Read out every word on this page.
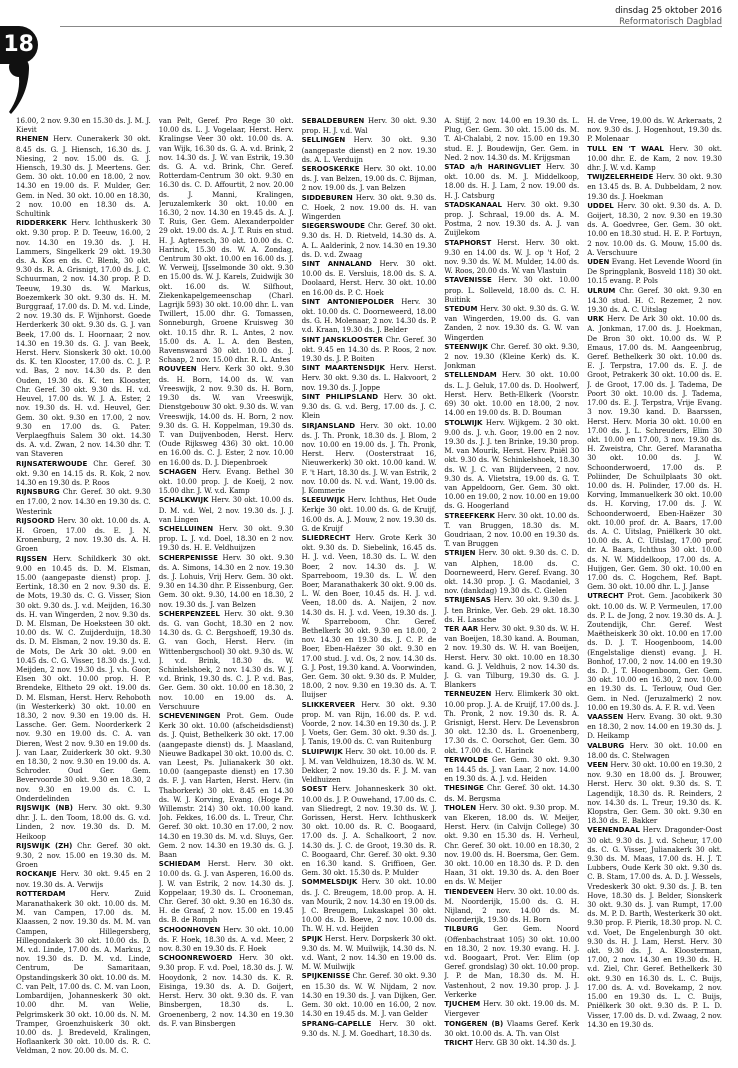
18
dinsdag 25 oktober 2016
Reformatorisch Dagblad

16.00, 2 nov. 9.30 en 15.30 ds. J. M. J. Kievit

RHENEN Herv. Cunerakerk 30 okt. 8.45 ds. G. J. Hiensch, 16.30 ds. J. Niesing, 2 nov. 15.00 ds. G. J. Hiensch, 19.30 ds. J. Meertens. Ger. Gem. 30 okt. 10.00 en 18.00, 2 nov. 14.30 en 19.00 ds. F. Mulder, Ger. Gem. in Ned. 30 okt. 10.00 en 18.30, 2 nov. 10.00 en 18.30 ds. A. Schultink

RIDDERKERK Herv. Ichthuskerk 30 okt. 9.30 prop. P. D. Teeuw, 16.00, 2 nov. 14.30 en 19.30 ds. J. H. Lammers, Singelkerk 29 okt. 19.30 ds. A. Kos en ds. C. Blenk, 30 okt. 9.30 ds. R. A. Grisnigt, 17.00 ds. J. C. Schuurman, 2 nov. 14.30 prop. P. D. Teeuw, 19.30 ds. W. Markus, Boezemkerk 30 okt. 9.30 ds. H. M. Burggraaf, 17.00 ds. D. M. v.d. Linde, 2 nov. 19.30 ds. F. Wijnhorst. Goede Herderkerk 30 okt. 9.30 ds. G. J. van Beek, 17.00 ds. I. Hoornaar, 2 nov. 14.30 en 19.30 ds. G. J. van Beek, Herst. Herv. Sionskerk 30 okt. 10.00 ds. K. ten Klooster, 17.00 ds. C. J. P. v.d. Bas, 2 nov. 14.30 ds. P. den Ouden, 19.30 ds. K. ten Klooster, Chr. Geref. 30 okt. 9.30 ds. H. v.d. Heuvel, 17.00 ds. W. J. A. Ester, 2 nov. 19.30 ds. H. v.d. Heuvel, Ger. Gem. 30 okt. 9.30 en 17.00, 2 nov. 9.30 en 17.00 ds. G. Pater. Verplaegfhuis Salem 30 okt. 14.30 ds. A. v.d. Zwan, 2 nov. 14.30 dhr. T. van Staveren

RIJNSATERWOUDE Chr. Geref. 30 okt. 9.30 en 14.15 ds. R. Kok, 2 nov. 14.30 en 19.30 ds. P. Roos

RIJNSBURG Chr. Geref. 30 okt. 9.30 en 17.00, 2 nov. 14.30 en 19.30 ds. C. Westerink

RIJSOORD Herv. 30 okt. 10.00 ds. A. H. Groen, 17.00 ds. E. J. N. Kronenburg, 2 nov. 19.30 ds. A. H. Groen

RIJSSEN Herv. Schildkerk 30 okt. 9.00 en 10.45 ds. D. M. Elsman, 15.00 (aangepaste dienst) prop. J. Eertink, 18.30 en 2 nov. 9.30 ds. E. de Mots, 19.30 ds. C. G. Visser, Sion 30 okt. 9.30 ds. J. v.d. Meijden, 16.30 ds. H. van Wingerden, 2 nov. 9.30 ds. D. M. Elsman, De Hoeksteen 30 okt. 10.00 ds. W. C. Zuijderduijn, 18.30 ds. D. M. Elsman, 2 nov. 19.30 ds. E. de Mots, De Ark 30 okt. 9.00 en 10.45 ds. C. G. Visser, 18.30 ds. J. v.d. Meijden, 2 nov. 19.30 ds. J. v.h. Goor, Elsen 30 okt. 10.00 prop. H. P. Brendeke, Elthetо 29 okt. 19.00 ds. D. M. Elsman, Herst. Herv. Rehoboth (in Westerkerk) 30 okt. 10.00 en 18.30, 2 nov. 9.30 en 19.00 ds. H. Lassche. Ger. Gem. Noorderkerk 2 nov. 9.30 en 19.00 ds. C. A. van Dieren, West 2 nov. 9.30 en 19.00 ds. J. van Laar, Zuiderkerk 30 okt. 9.30 en 18.30, 2 nov. 9.30 en 19.00 ds. A. Schroder. Oud Ger. Gem. Bevervoorde 30 okt. 9.30 en 18.30, 2 nov. 9.30 en 19.00 ds. C. L. Onderdelinden

RIJSWIJK (NB) Herv. 30 okt. 9.30 dhr. J. L. den Toom, 18.00 ds. G. v.d. Linden, 2 nov. 19.30 ds. D. M. Heikoop

RIJSWIJK (ZH) Chr. Geref. 30 okt. 9.30, 2 nov. 15.00 en 19.30 ds. M. Groen

ROCKANJE Herv. 30 okt. 9.45 en 2 nov. 19.30 ds. A. Verwijs

ROTTERDAM	Herv. Zuid Maranathakerk 30 okt. 10.00 ds. M. M. van Campen, 17.00 ds. M. Klaassen, 2 nov. 19.30 ds. M. M. van Campen, Hillegersberg, Hillegondakerk 30 okt. 10.00 ds. D. M. v.d. Linde, 17.00 ds. A. Markus, 2 nov. 19.30 ds. D. M. v.d. Linde, Centrum, De Samaritaan, Opstandingskerk 30 okt. 10.00 ds. M. C. van Pelt, 17.00 ds. C. M. van Loon, Lombardijen, Johanneskerk 30 okt. 10.00 dhr. M. van Welie, Pelgrimskerk 30 okt. 10.00 ds. N. M. Tramper, Groenzhuiskerk 30 okt. 10.00 ds. J. Bredeveld, Kralingen, Hoflaankerk 30 okt. 10.00 ds. R. C. Veldman, 2 nov. 20.00 ds. M. C.

van Pelt, Geref. Pro Rege 30 okt. 10.00 ds. L. J. Vogelaar, Herst. Herv. Kralingse Veer 30 okt. 10.00 ds. A. van Wijk, 16.30 ds. G. A. v.d. Brink, 2 nov. 14.30 ds. J. W. van Estrik, 19.30 ds. G. A. v.d. Brink, Chr. Geref. Rotterdam-Centrum 30 okt. 9.30 en 16.30 ds. C. D. Affourtit, 2 nov. 20.00 ds. J. Manni, Kralingen, Jeruzalemkerk 30 okt. 10.00 en 16.30, 2 nov. 14.30 en 19.45 ds. A. J. T. Ruis, Ger. Gem. Alexanderpolder 29 okt. 19.00 ds. A. J. T. Ruis en stud. H. J. Agteresch, 30 okt. 10.00 ds. C. Harinck, 15.30 ds. W. A. Zondag, Centrum 30 okt. 10.00 en 16.00 ds. J. W. Verweij, IJsselmonde 30 okt. 9.30 en 15.00 ds. W. J. Karels, Zuidwijk 30 okt. 16.00 ds. W. Silfhout, Ziekenkapelgemeenschap (Charl. Lagrijk 593) 30 okt. 10.00 dhr. L. van Twillert, 15.00 dhr. G. Tomassen, Sonneburgh, Groene Kruisweg 30 okt. 10.15 dhr. R. L. Antes, 2 nov. 15.00 ds. A. L. A. den Besten, Ravenswaard 30 okt. 10.00 ds. J. Schaap, 2 nov. 15.00 dhr. R. L. Antes

ROUVEEN Herv. Kerk 30 okt. 9.30 ds. H. Born, 14.00 ds. W. van Vreeswijk, 2 nov. 9.30 ds. H. Born, 19.30 ds. W. van Vreeswijk, Dienstgebouw 30 okt. 9.30 ds. W. van Vreeswijk, 14.00 ds. H. Born, 2 nov. 9.30 ds. G. H. Koppelman, 19.30 ds. T. van Duijvenboden, Herst. Herv. (Oude Rijksweg 436) 30 okt. 10.00 en 16.00 ds. C. J. Ester, 2 nov. 10.00 en 16.00 ds. D. J. Diepenbroek

SCHAGEN Herv. Evang. Bethel 30 okt. 10.00 prop. J. de Koeij, 2 nov. 15.00 dhr. J. W. v.d. Kamp

SCHALKWIJK Herv. 30 okt. 10.00 ds. D. M. v.d. Wel, 2 nov. 19.30 ds. J. J. van Lingen

SCHELLUINEN Herv. 30 okt. 9.30 prop. L. J. v.d. Doel, 18.30 en 2 nov. 19.30 ds. H. E. Veldhuijzen

SCHERPENISSE Herv. 30 okt. 9.30 ds. A. Simons, 14.30 en 2 nov. 19.30 ds. J. Lohuis, Vrij Herv. Gem. 30 okt. 9.30 en 14.30 dhr. P. Eissenburg, Ger. Gem. 30 okt. 9.30, 14.00 en 18.30, 2 nov. 19.30 ds. J. van Belzen

SCHERPENZEEL Herv. 30 okt. 9.30 ds. G. van Gocht, 18.30 en 2 nov. 14.30 ds. G. C. Bergshoeff, 19.30 ds. G. van Goch, Herst. Herv. (in Wittenbergschool) 30 okt. 9.30 ds. W. J. v.d. Brink, 18.30 ds. W. Schinkelshoek, 2 nov. 14.30 ds. W. J. v.d. Brink, 19.30 ds. C. J. P. v.d. Bas, Ger. Gem. 30 okt. 10.00 en 18.30, 2 nov. 10.00 en 19.00 ds. A. Verschuure

SCHEVENINGEN Prot. Gem. Oude Kerk 30 okt. 10.00 (afscheidsdienst) ds. J. Quist, Bethelkerk 30 okt. 17.00 (aangepaste dienst) ds. J. Maasland, Nieuwe Badkapel 30 okt. 10.00 ds. C. van Leest, Ps. Julianakerk 30 okt. 10.00 (aangepaste dienst) en 17.30 ds. F. J. van Harten, Herst. Herv. (in Thaborkerk) 30 okt. 8.45 en 14.30 ds. W. J. Korving, Evang. (Hoge Pr. Willemstr. 214) 30 okt. 10.00 kand. Joh. Fekkes, 16.00 ds. L. Treur, Chr. Geref. 30 okt. 10.30 en 17.00, 2 nov. 14.30 en 19.30 ds. M. v.d. Sluys, Ger. Gem. 2 nov. 14.30 en 19.30 ds. G. J. Baan

SCHIEDAM Herst. Herv. 30 okt. 10.00 ds. G. J. van Asperen, 16.00 ds. J. W. van Estrik, 2 nov. 14.30 ds. J. Koppelaar, 19.30 ds. L. Crooneman, Chr. Geref. 30 okt. 9.30 en 16.30 ds. H. de Graaf, 2 nov. 15.00 en 19.45 ds. B. de Romph

SCHOONHOVEN Herv. 30 okt. 10.00 ds. F. Hoek, 18.30 ds. A. v.d. Meer, 2 nov. 8.30 en 19.30 ds. F. Hoek

SCHOONREWOERD Herv. 30 okt. 9.30 prop. F. v.d. Poel, 18.30 ds. J. W. Hooydonk, 2 nov. 14.30 ds. K. R. Eisinga, 19.30 ds. A. D. Goijert, Herst. Herv. 30 okt. 9.30 ds. F. van Binsbergen, 18.30 ds. L. Groenenberg, 2 nov. 14.30 en 19.30 ds. F. van Binsbergen

SEBALDEBUREN Herv. 30 okt. 9.30 prop. H. J. v.d. Wal

SELLINGEN Herv. 30 okt. 9.30 (aangepaste dienst) en 2 nov. 19.30 ds. A. L. Verduijn

SEROOSKERKE Herv. 30 okt. 10.00 ds. J. van Belzen, 19.00 ds. C. Bijman, 2 nov. 19.00 ds. J. van Belzen

SIDDEBUREN Herv. 30 okt. 9.30 ds. C. Hoek, 2 nov. 19.00 ds. H. van Wingerden

SIEGERSWOUDE Chr. Geref. 30 okt. 9.30 ds. H. D. Rietveld, 14.30 ds. A. A. L. Aalderink, 2 nov. 14.30 en 19.30 ds. D. v.d. Zwaag

SINT ANNALAND Herv. 30 okt. 10.00 ds. E. Versluis, 18.00 ds. S. A. Doolaard, Herst. Herv. 30 okt. 10.00 en 16.00 ds. P. C. Hoek

SINT ANTONIEPOLDER Herv. 30 okt. 10.00 ds. C. Doorneweerd, 18.00 ds. G. H. Molenaar, 2 nov. 14.30 ds. P. v.d. Kraan, 19.30 ds. J. Belder

SINT JANSKLOOSTER Chr. Geref. 30 okt. 9.45 en 14.30 ds. P. Roos, 2 nov. 19.30 ds. J. P. Boiten

SINT MAARTENSDIJK Herv. Herst. Herv. 30 okt. 9.30 ds. L. Hakvoort, 2 nov. 19.30 ds. J. Joppe

SINT PHILIPSLAND Herv. 30 okt. 9.30 ds. G. v.d. Berg, 17.00 ds. J. C. Klein

SIRJANSLAND Herv. 30 okt. 10.00 ds. J. Th. Pronk, 18.30 ds. J. Blom, 2 nov. 10.00 en 19.00 ds. J. Th. Pronk, Herst. Herv. (Oosterstraat 16, Nieuwerkerk) 30 okt. 10.00 kand. W. F. 't Hart, 18.30 ds. J. W. van Estrik, 2 nov. 10.00 ds. N. v.d. Want, 19.00 ds. J. Kommerie

SLEEUWIJK Herv. Ichthus, Het Oude Kerkje 30 okt. 10.00 ds. G. de Kruijf, 16.00 ds. A. J. Mouw, 2 nov. 19.30 ds. G. de Kruijf

SLIEDRECHT Herv. Grote Kerk 30 okt. 9.30 ds. D. Siebelink, 16.45 ds. H. J. v.d. Veen, 18.30 ds. L. W. den Boer, 2 nov. 14.30 ds. J. W. Sparreboom, 19.30 ds. L. W. den Boer, Maranathakerk 30 okt. 9.00 ds. L. W. den Boer, 10.45 ds. H. J. v.d. Veen, 18.00 ds. A. Naijen, 2 nov. 14.30 ds. H. J. v.d. Veen, 19.30 ds. J. W. Sparreboom, Chr. Geref. Bethelkerk 30 okt. 9.30 en 18.00, 2 nov. 14.30 en 19.30 ds. J. C. P. de Boer, Eben-Haëzer 30 okt. 9.30 en 17.00 stud. J. v.d. Os, 2 nov. 14.30 ds. G. J. Post, 19.30 kand. A. Voorwinden, Ger. Gem. 30 okt. 9.30 ds. P. Mulder, 18.00, 2 nov. 9.30 en 19.30 ds. A. T. Iluijser

SLIKKERVEER Herv. 30 okt. 9.30 prop. M. van Rijn, 16.00 ds. P. v.d. Voorde, 2 nov. 14.30 en 19.30 ds. J. P. J. Voets, Ger. Gem. 30 okt. 9.30 ds. J. J. Tanis, 19.00 ds. C. van Ruitenburg

SLUIPWIJK Herv. 30 okt. 10.00 ds. F. J. M. van Veldhuizen, 18.30 ds. W. M. Dekker, 2 nov. 19.30 ds. F. J. M. van Veldhuizen

SOEST Herv. Johanneskerk 30 okt. 10.00 ds. J. P. Ouwehand, 17.00 ds. C. van Sliedregt, 2 nov. 19.30 ds. W. J. Gorissen, Herst. Herv. Ichthuskerk 30 okt. 10.00 ds. R. C. Boogaard, 17.00 ds. J. A. Schalkoort, 2 nov. 14.30 ds. J. C. de Groot, 19.30 ds. R. C. Boogaard, Chr. Geref. 30 okt. 9.30 en 16.30 kand. S. Griffioen, Ger. Gem. 30 okt. 15.30 ds. P. Mulder

SOMMELSDIJK Herv. 30 okt. 10.00 ds. J. C. Breugem, 18.00 prop. A. H. van Mourik, 2 nov. 14.30 en 19.00 ds. J. C. Breugem, Lukaskapel 30 okt. 10.00 ds. D. Boeve, 2 nov. 10.00 ds. Th. W. H. v.d. Heijden

SPIJK Herst. Herv. Dorpskerk 30 okt. 9.30 ds. M. W. Muilwijk, 14.30 ds. N. v.d. Want, 2 nov. 14.30 en 19.00 ds. M. W. Muilwijk

SPIJKENISSE Chr. Geref. 30 okt. 9.30 en 15.30 ds. W. W. Nijdam, 2 nov. 14.30 en 19.30 ds. J. van Dijken, Ger. Gem. 30 okt. 10.00 en 16.00, 2 nov. 14.30 en 19.45 ds. M. J. van Gelder

SPRANG-CAPELLE Herv. 30 okt. 9.30 ds. N. J. M. Goedhart, 18.30 ds.

A. Stijf, 2 nov. 14.00 en 19.30 ds. L. Plug, Ger. Gem. 30 okt. 15.00 ds. M. T. Al-Chalabi, 2 nov. 15.00 en 19.30 stud. E. J. Boudewijn, Ger. Gem. in Ned. 2 nov. 14.30 ds. M. Krijgsman

STAD a/h HARINGVLIET Herv. 30 okt. 10.00 ds. M. J. Middelkoop, 18.00 ds. H. J. Lam, 2 nov. 19.00 ds. H. J. Catsburg

STADSKANAAL Herv. 30 okt. 9.30 prop. J. Schraal, 19.00 ds. A. M. Postma, 2 nov. 19.30 ds. A. J. van Zuijlekom

STAPHORST Herst. Herv. 30 okt. 9.30 en 14.00 ds. W. J. op 't Hof, 2 nov. 9.30 ds. W. M. Mulder, 14.00 ds. W. Roos, 20.00 ds. W. van Vlastuin

STAVENISSE Herv. 30 okt. 10.00 prop. L. Solleveld, 18.00 ds. C. H. Buitink

STEDUM Herv. 30 okt. 9.30 ds. G. W. van Wingerden, 19.00 ds. G. van Zanden, 2 nov. 19.30 ds. G. W. van Wingerden

STEENWIJK Chr. Geref. 30 okt. 9.30, 2 nov. 19.30 (Kleine Kerk) ds. K. Jonkman

STELLENDAM Herv. 30 okt. 10.00 ds. L. J. Geluk, 17.00 ds. D. Hoolwerf, Herst. Herv. Beth-Elkerk (Voorstr. 69) 30 okt. 10.00 en 18.00, 2 nov. 14.00 en 19.00 ds. B. D. Bouman

STOLWIJK Herv. Wijkgem. 2 30 okt. 9.00 ds. J. v.h. Goor, 19.00 en 2 nov. 19.30 ds. J. J. ten Brinke, 19.30 prop. M. van Mourik, Herst. Herv. Pniël 30 okt. 9.30 ds. W. Schinkelshoek, 18.30 ds. W. J. C. van Blijderveen, 2 nov. 9.30 ds. A. Vlietstra, 19.00 ds. G. T. van Appeldoorn, Ger. Gem. 30 okt. 10.00 en 19.00, 2 nov. 10.00 en 19.00 ds. G. Hoogerland

STREEFKERK Herv. 30 okt. 10.00 ds. T. van Bruggen, 18.30 ds. M. Goudriaan, 2 nov. 10.00 en 19.30 ds. T. van Bruggen

STRIJEN Herv. 30 okt. 9.30 ds. C. D. van Alphen, 18.00 ds. C. Doorneweerd, Herv. Geref. Evang. 30 okt. 14.30 prop. J. G. Macdaniel, 3 nov. (dankdag) 19.30 ds. C. Gielen

STRIJENSAS Herv. 30 okt. 9.30 ds. J. J. ten Brinke, Ver. Geb. 29 okt. 18.30 ds. H. Lassche

TER AAR Herv. 30 okt. 9.30 ds. W. H. van Boeijen, 18.30 kand. A. Bouman, 2 nov. 19.30 ds. W. H. van Boeijen, Herst. Herv. 30 okt. 10.00 en 18.30 kand. G. J. Veldhuis, 2 nov. 14.30 ds. J. G. van Tilburg, 19.30 ds. G. J. Blankers

TERNEUZEN Herv. Elimkerk 30 okt. 10.00 prop. J. A. de Kruijf, 17.00 ds. J. Th. Pronk, 2 nov. 19.30 ds. R. A. Grisnigt, Herst. Herv. De Levensbron 30 okt. 12.30 ds. L. Groenenberg, 17.30 ds. C. Oorschot, Ger. Gem. 30 okt. 17.00 ds. C. Harinck

TERWOLDE Ger. Gem. 30 okt. 9.30 en 14.45 ds. J. van Laar, 2 nov. 14.00 en 19.30 ds. A. J. v.d. Heiden

THESINGE Chr. Geref. 30 okt. 14.30 ds. M. Bergsma

THOLEN Herv. 30 okt. 9.30 prop. M. van Ekeren, 18.00 ds. W. Meijer, Herst. Herv. (in Calvijn College) 30 okt. 9.30 en 15.30 ds. H. Verheul, Chr. Geref. 30 okt. 10.00 en 18.30, 2 nov. 19.00 ds. H. Boersma, Ger. Gem. 30 okt. 10.00 en 18.30 ds. P. D. den Haan, 31 okt. 19.30 ds. A. den Boer en ds. W. Meijer

TIENDEVEEN Herv. 30 okt. 10.00 ds. M. Noorderijk, 15.00 ds. G. H. Nijland, 2 nov. 14.00 ds. M. Noorderijk, 19.30 ds. H. Born

TILBURG Ger. Gem. Noord (Offenbachstraat 105) 30 okt. 10.00 en 18.30, 2 nov. 19.30 evang. H. J. v.d. Boogaart, Prot. Ver. Elim (op Geref. grondslag) 30 okt. 10.00 prop. J. P. de Man, 18.30 ds. M. H. Vastenhout, 2 nov. 19.30 prop. J. J. Verkerke

TJUCHEM Herv. 30 okt. 19.00 ds. M. Viergever

TONGEREN (B) Vlaams Geref. Kerk 30 okt. 10.00 ds. A. Th. van Olst

TRICHT Herv. GB 30 okt. 14.30 ds. J.

H. de Vree, 19.00 ds. W. Arkeraats, 2 nov. 9.30 ds. J. Hogenhout, 19.30 ds. P. Molenaar

TULL EN 'T WAAL Herv. 30 okt. 10.00 dhr. E. de Kam, 2 nov. 19.30 dhr. J. W. v.d. Kamp

TWIJZELERHEIDE Herv. 30 okt. 9.30 en 13.45 ds. B. A. Dubbeldam, 2 nov. 19.30 ds. J. Hoekman

UDDEL Herv. 30 okt. 9.30 ds. A. D. Goijert, 18.30, 2 nov. 9.30 en 19.30 ds. A. Goedvree, Ger. Gem. 30 okt. 10.00 en 18.30 stud. H. E. P. Fortuyn, 2 nov. 10.00 ds. G. Mouw, 15.00 ds. A. Verschuure

UDEN Evang. Het Levende Woord (in De Springplank, Bosveld 118) 30 okt. 10.15 evang. P. Pols

ULRUM Chr. Geref. 30 okt. 9.30 en 14.30 stud. H. C. Rezemer, 2 nov. 19.30 ds. A. C. Uitslag

URK Herv. De Ark 30 okt. 10.00 ds. A. Jonkman, 17.00 ds. J. Hoekman, De Bron 30 okt. 10.00 ds. W. P. Emaus, 17.00 ds. M. Aangeenbrug, Geref. Bethelkerk 30 okt. 10.00 ds. E. J. Terpstra, 17.00 ds. E. J. de Groot, Petrakerk 30 okt. 10.00 ds. E. J. de Groot, 17.00 ds. J. Tadema, De Poort 30 okt. 10.00 ds. J. Tadema, 17.00 ds. E. J. Terpstra, Vrije Evang. 3 nov. 19.30 kand. D. Baarssen, Herst. Herv. Moria 30 okt. 10.00 en 17.00 ds. J. L. Schreuders, Elim 30 okt. 10.00 en 17.00, 3 nov. 19.30 ds. H. Zweistra, Chr. Geref. Maranatha 30 okt. 10.00 ds. J. W. Schoonderwoerd, 17.00 ds. P. Poliinder, De Schuilplaats 30 okt. 10.00 ds. H. Polinder, 17.00 ds. H. Korving, Immanuelkerk 30 okt. 10.00 ds. H. Korving, 17.00 ds. J. W. Schoonderwoerd, Eben-Haëzer 30 okt. 10.00 prof. dr. A. Baars, 17.00 ds. A. C. Uitslag, Pniëlkerk 30 okt. 10.00 ds. A. C. Uitslag, 17.00 prof. dr. A. Baars, Ichthus 30 okt. 10.00 ds. N. W. Middelkoop, 17.00 ds. A. Huijgen, Ger. Gem. 30 okt. 10.00 en 17.00 ds. C. Hogchem, Ref. Bapt. Gem. 30 okt. 10.00 dhr. L. J. Janse

UTRECHT Prot. Gem. Jacobikerk 30 okt. 10.00 ds. W. P. Vermeulen, 17.00 ds. P. L. de Jong, 2 nov. 19.30 ds. A. J. Zoutendijk, Chr. Geref. West Maëtheiskerk 30 okt. 10.00 en 17.00 ds. D. J. T. Hoogenboom, 14.00 (Engelstalige dienst) evang. J. H. Bonhof, 17.00, 2 nov. 14.00 en 19.30 ds. D. J. T. Hoogenboom, Ger. Gem. 30 okt. 10.00 en 16.30, 2 nov. 10.00 en 19.30 ds. L. Terlouw, Oud Ger. Gem. in Ned. (Jeruzalmerk) 2 nov. 10.00 en 19.30 ds. A. F. R. v.d. Veen

VAASSEN Herv. Evang. 30 okt. 9.30 en 18.30, 2 nov. 14.00 en 19.30 ds. J. D. Heikamp

VALBURG Herv. 30 okt. 10.00 en 18.00 ds. C. Stelwagen

VEEN Herv. 30 okt. 10.00 en 19.30, 2 nov. 9.30 en 18.00 ds. J. Brouwer, Herst. Herv. 30 okt. 9.30 ds. S. T. Lagendijk, 18.30 ds. R. Reinders, 2 nov. 14.30 ds. L. Treur, 19.30 ds. K. Klopstra, Ger. Gem. 30 okt. 9.30 en 18.30 ds. E. Bakker

VEENENDAAL Herv. Dragonder-Oost 30 okt. 9.30 ds. J. v.d. Scheur, 17.00 ds. C. G. Visser, Julianakerk 30 okt. 9.30 ds. M. Maas, 17.00 ds. H. J. T. Lubbers, Oude Kerk 30 okt. 9.30 ds. C. B. Stam, 17.00 ds. A. D. J. Wessels, Vredeskerk 30 okt. 9.30 ds. J. B. ten Hove, 18.30 ds. J. Belder, Sionskerk 30 okt. 9.30 ds. J. van Rumpt, 17.00 ds. M. P. D. Barth, Westerkerk 30 okt. 9.30 prop. F. Pierik, 18.30 prop. N. C. v.d. Voet, De Engelenburgh 30 okt. 9.30 ds. H. J. Lam, Herst. Herv. 30 okt. 9.30 ds. J. A. Kloosterman, 17.00, 2 nov. 14.30 en 19.30 ds. H. v.d. Ziel, Chr. Geref. Bethelkerk 30 okt. 9.30 en 16.30 ds. L. C. Buijs, 17.00 ds. A. v.d. Bovekamp, 2 nov. 15.00 en 19.30 ds. L. C. Buijs, Pniëlkerk 30 okt. 9.30 ds. P. L. D. Visser, 17.00 ds. D. v.d. Zwaag, 2 nov. 14.30 en 19.30 ds.
